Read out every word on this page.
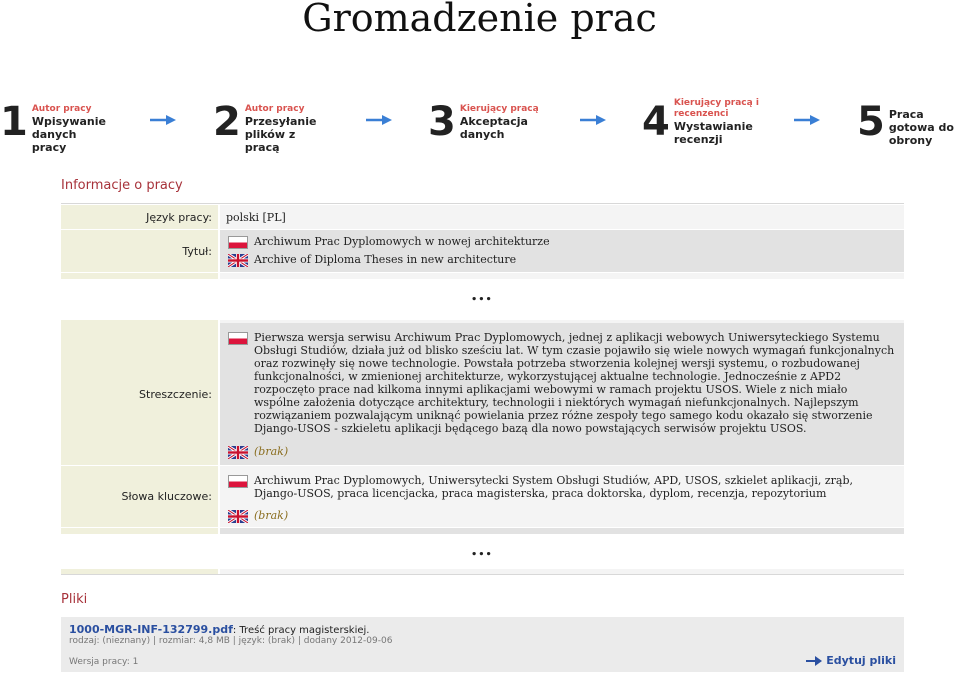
Gromadzenie prac
1 Autor pracy
Wpisywanie danych pracy
2 Autor pracy
Przesyłanie plików z pracą
3 Kierujący pracą
Akceptacja danych	4 Kierujący pracą i recenzenci
Wystawianie recenzji	5 Praca gotowa do obrony
Informacje o pracy
Język pracy:	polski [PL]
Tytuł:
Archiwum Prac Dyplomowych w nowej architekturze
Archive of Diploma Theses in new architecture
Streszczenie:
Pierwsza wersja serwisu Archiwum Prac Dyplomowych, jednej z aplikacji webowych Uniwersyteckiego Systemu Obsługi Studiów, działa już od blisko sześciu lat. W tym czasie pojawiło się wiele nowych wymagań funkcjonalnych oraz rozwinęły się nowe technologie. Powstała potrzeba stworzenia kolejnej wersji systemu, o rozbudowanej funkcjonalności, w zmienionej architekturze, wykorzystującej aktualne technologie. Jednocześnie z APD2 rozpoczęto prace nad kilkoma innymi aplikacjami webowymi w ramach projektu USOS. Wiele z nich miało wspólne założenia dotyczące architektury, technologii i niektórych wymagań niefunkcjonalnych. Najlepszym rozwiązaniem pozwalającym uniknąć powielania przez różne zespoły tego samego kodu okazało się stworzenie Django-USOS - szkieletu aplikacji będącego bazą dla nowo powstających serwisów projektu USOS.
(brak)
Słowa kluczowe:
Archiwum Prac Dyplomowych, Uniwersytecki System Obsługi Studiów, APD, USOS, szkielet aplikacji, zrąb, Django-USOS, praca licencjacka, praca magisterska, praca doktorska, dyplom, recenzja, repozytorium
(brak)
...
...
Pliki
1000-MGR-INF-132799.pdf: Treść pracy magisterskiej.
rodzaj: (nieznany) | rozmiar: 4,8 MB | język: (brak) | dodany 2012-09-06
Wersja pracy: 1	Edytuj pliki
